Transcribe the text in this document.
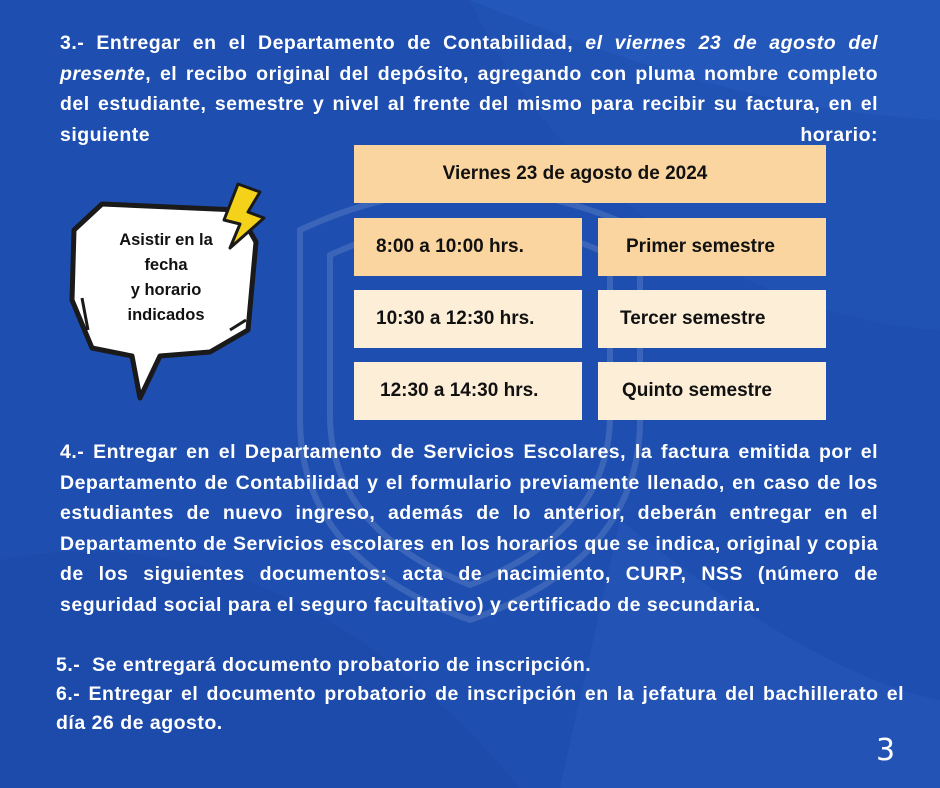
3.- Entregar en el Departamento de Contabilidad, el viernes 23 de agosto del presente, el recibo original del depósito, agregando con pluma nombre completo del estudiante, semestre y nivel al frente del mismo para recibir su factura, en el siguiente horario:
Viernes 23 de agosto de 2024
8:00 a 10:00 hrs.	Primer semestre
10:30 a 12:30 hrs.	Tercer semestre
12:30 a 14:30 hrs.	Quinto semestre
Asistir en la
fecha
y horario
indicados
4.- Entregar en el Departamento de Servicios Escolares, la factura emitida por el Departamento de Contabilidad y el formulario previamente llenado, en caso de los estudiantes de nuevo ingreso, además de lo anterior, deberán entregar en el Departamento de Servicios escolares en los horarios que se indica, original y copia de los siguientes documentos: acta de nacimiento, CURP, NSS (número de seguridad social para el seguro facultativo) y certificado de secundaria.
5.- Se entregará documento probatorio de inscripción.
6.- Entregar el documento probatorio de inscripción en la jefatura del bachillerato el día 26 de agosto.
3
